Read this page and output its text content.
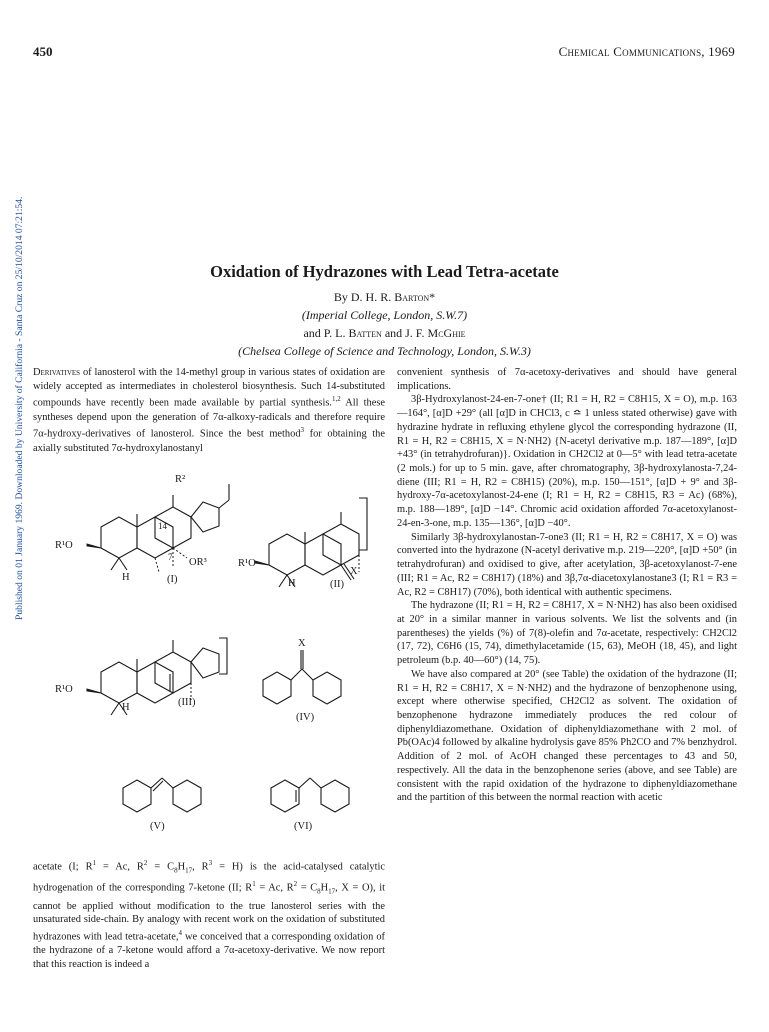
Published on 01 January 1969. Downloaded by University of California - Santa Cruz on 25/10/2014 07:21:54.
450	Chemical Communications, 1969
Oxidation of Hydrazones with Lead Tetra-acetate
By D. H. R. Barton*
(Imperial College, London, S.W.7)
and P. L. Batten and J. F. McGhie
(Chelsea College of Science and Technology, London, S.W.3)

Derivatives of lanosterol with the 14-methyl group in various states of oxidation are widely accepted as intermediates in cholesterol biosynthesis. Such 14-substituted compounds have recently been made available by partial synthesis.$^{1,2}$ All these syntheses depend upon the generation of 7α-alkoxy-radicals and therefore require 7α-hydroxy-derivatives of lanosterol. Since the best method$^3$ for obtaining the axially substituted 7α-hydroxylanostanyl

R²
14
7
R¹O
OR³
H	(I)
R¹O
X
H	(II)
X
R¹O
H	(III)
(IV)
(V)	(VI)

acetate (I; $R^1 = Ac$, $R^2 = C_8H_{17}$, $R^3 = H$) is the acid-catalysed catalytic hydrogenation of the corresponding 7-ketone (II; $R^1 = Ac$, $R^2 = C_8H_{17}$, X = O), it cannot be applied without modification to the true lanosterol series with the unsaturated side-chain. By analogy with recent work on the oxidation of substituted hydrazones with lead tetra-acetate,$^4$ we conceived that a corresponding oxidation of the hydrazone of a 7-ketone would afford a 7α-acetoxy-derivative. We now report that this reaction is indeed a

convenient synthesis of 7α-acetoxy-derivatives and should have general implications.

3β-Hydroxylanost-24-en-7-one† (II; R1 = H, R2 = C8H15, X = O), m.p. 163—164°, [α]D +29° (all [α]D in CHCl3, c ≏ 1 unless stated otherwise) gave with hydrazine hydrate in refluxing ethylene glycol the corresponding hydrazone (II, R1 = H, R2 = C8H15, X = N·NH2) {N-acetyl derivative m.p. 187—189°, [α]D +43° (in tetrahydrofuran)}. Oxidation in CH2Cl2 at 0—5° with lead tetra-acetate (2 mols.) for up to 5 min. gave, after chromatography, 3β-hydroxylanosta-7,24-diene (III; R1 = H, R2 = C8H15) (20%), m.p. 150—151°, [α]D + 9° and 3β-hydroxy-7α-acetoxylanost-24-ene (I; R1 = H, R2 = C8H15, R3 = Ac) (68%), m.p. 188—189°, [α]D −14°. Chromic acid oxidation afforded 7α-acetoxylanost-24-en-3-one, m.p. 135—136°, [α]D −40°.

Similarly 3β-hydroxylanostan-7-one3 (II; R1 = H, R2 = C8H17, X = O) was converted into the hydrazone (N-acetyl derivative m.p. 219—220°, [α]D +50° (in tetrahydrofuran) and oxidised to give, after acetylation, 3β-acetoxylanost-7-ene (III; R1 = Ac, R2 = C8H17) (18%) and 3β,7α-diacetoxylanostane3 (I; R1 = R3 = Ac, R2 = C8H17) (70%), both identical with authentic specimens.

The hydrazone (II; R1 = H, R2 = C8H17, X = N·NH2) has also been oxidised at 20° in a similar manner in various solvents. We list the solvents and (in parentheses) the yields (%) of 7(8)-olefin and 7α-acetate, respectively: CH2Cl2 (17, 72), C6H6 (15, 74), dimethylacetamide (15, 63), MeOH (18, 45), and light petroleum (b.p. 40—60°) (14, 75).

We have also compared at 20° (see Table) the oxidation of the hydrazone (II; R1 = H, R2 = C8H17, X = N·NH2) and the hydrazone of benzophenone using, except where otherwise specified, CH2Cl2 as solvent. The oxidation of benzophenone hydrazone immediately produces the red colour of diphenyldiazomethane. Oxidation of diphenyldiazomethane with 2 mol. of Pb(OAc)4 followed by alkaline hydrolysis gave 85% Ph2CO and 7% benzhydrol. Addition of 2 mol. of AcOH changed these percentages to 43 and 50, respectively. All the data in the benzophenone series (above, and see Table) are consistent with the rapid oxidation of the hydrazone to diphenyldiazomethane and the partition of this between the normal reaction with acetic
